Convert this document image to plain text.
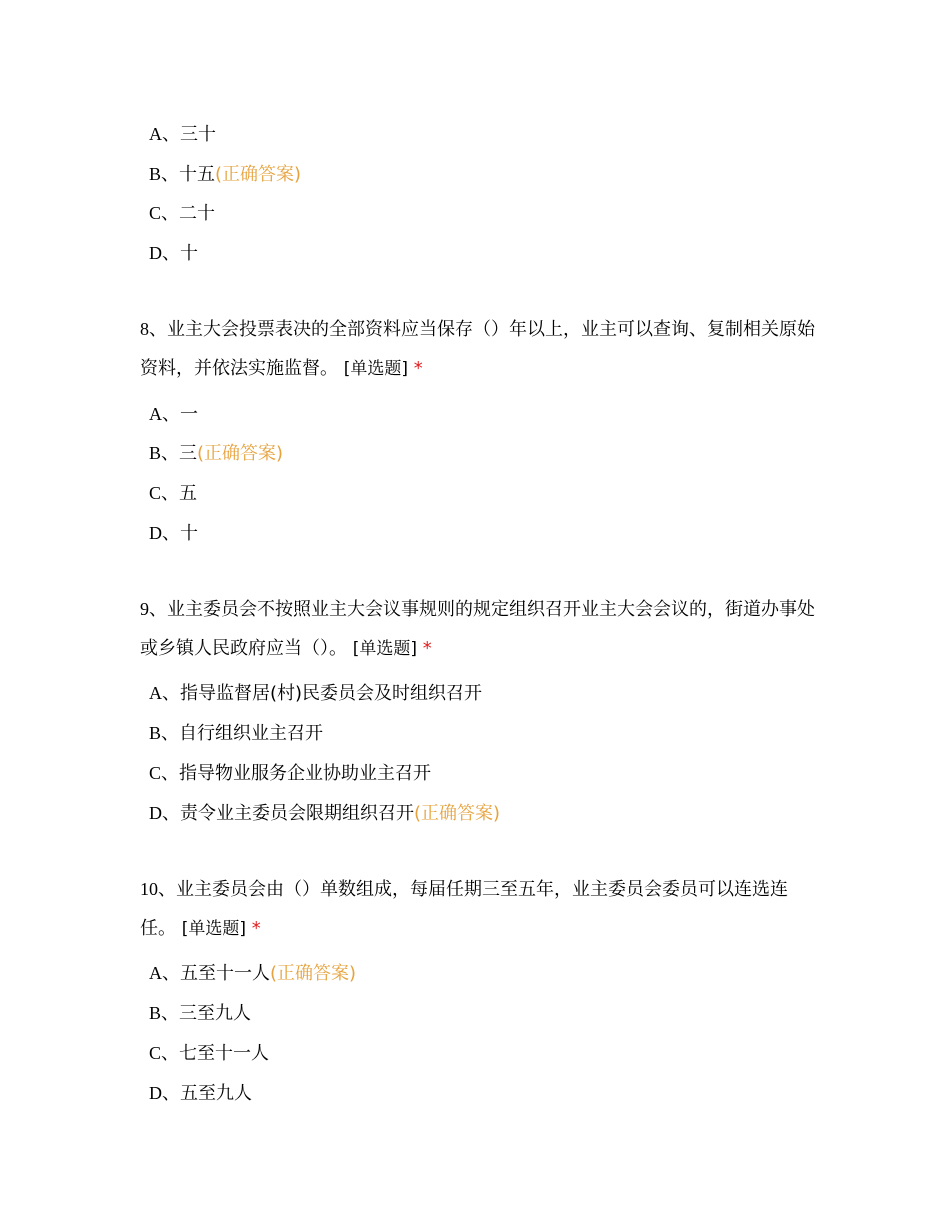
A、三十
B、十五(正确答案)
C、二十
D、十
8、业主大会投票表决的全部资料应当保存（）年以上，业主可以查询、复制相关原始资料，并依法实施监督。 [单选题] *
A、一
B、三(正确答案)
C、五
D、十
9、业主委员会不按照业主大会议事规则的规定组织召开业主大会会议的，街道办事处或乡镇人民政府应当（）。 [单选题] *
A、指导监督居(村)民委员会及时组织召开
B、自行组织业主召开
C、指导物业服务企业协助业主召开
D、责令业主委员会限期组织召开(正确答案)
10、业主委员会由（）单数组成，每届任期三至五年，业主委员会委员可以连选连任。 [单选题] *
A、五至十一人(正确答案)
B、三至九人
C、七至十一人
D、五至九人
